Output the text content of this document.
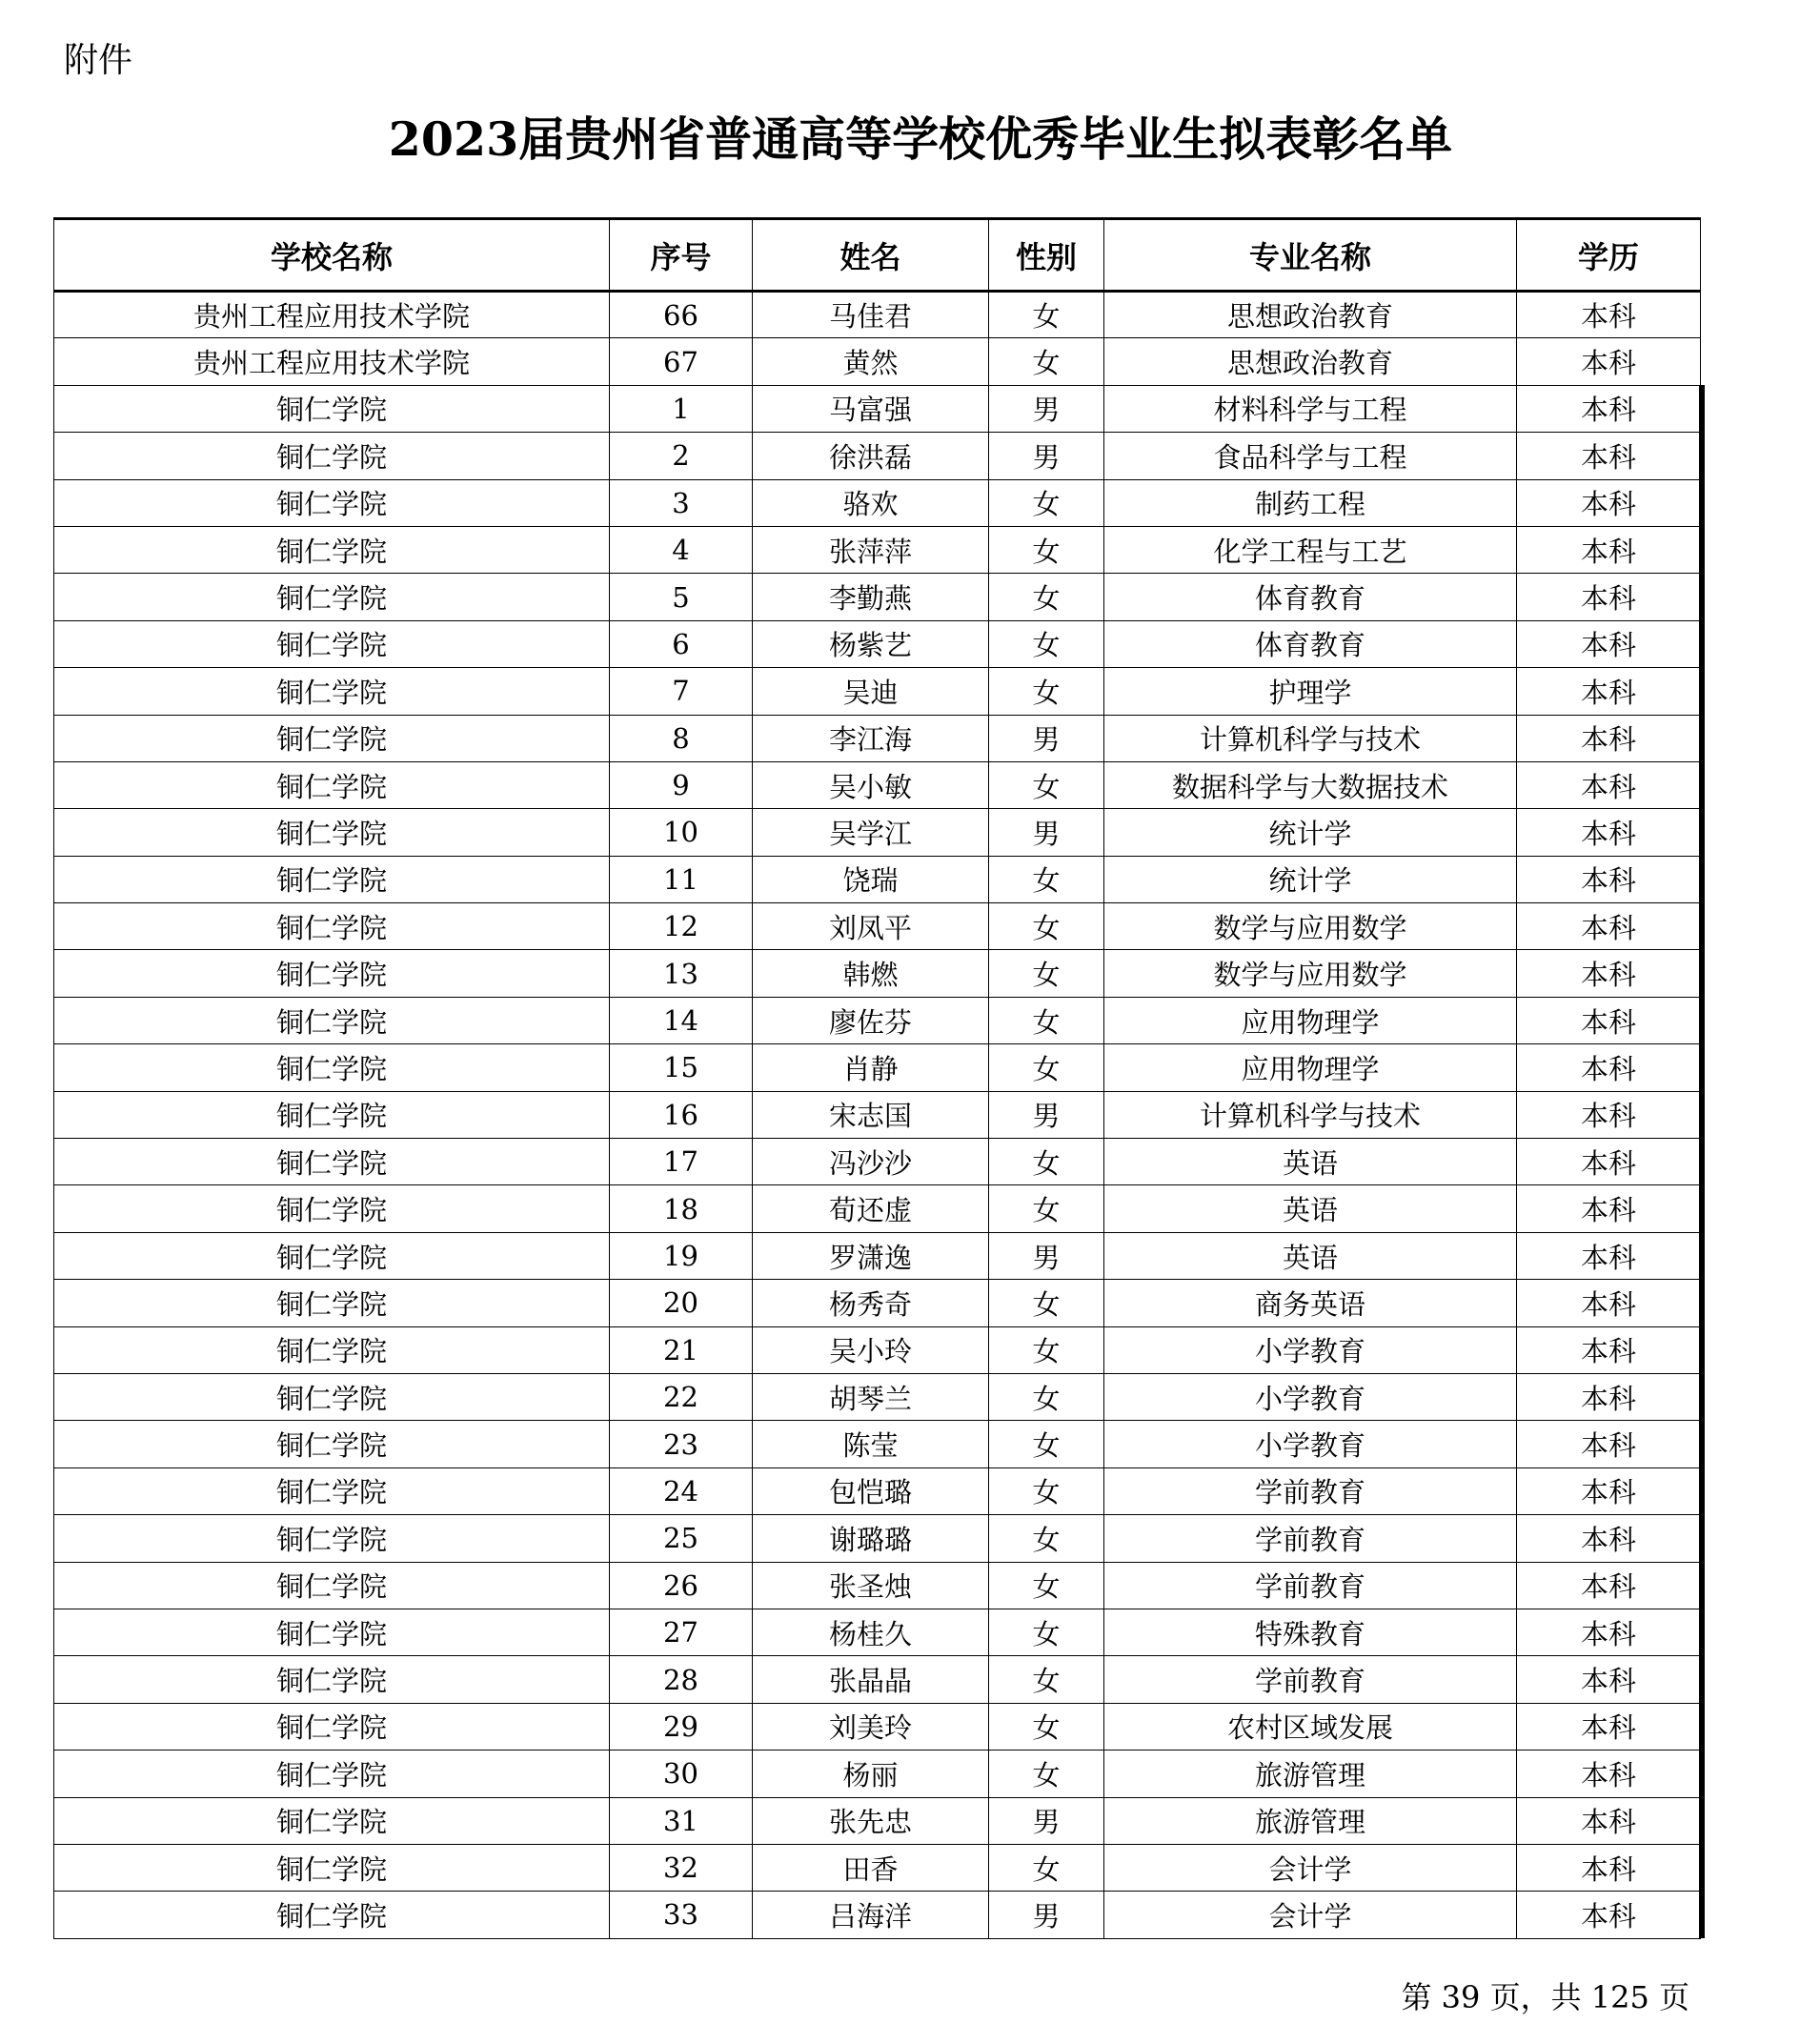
附件
2023届贵州省普通高等学校优秀毕业生拟表彰名单
学校名称	序号	姓名	性别	专业名称	学历
贵州工程应用技术学院	66	马佳君	女	思想政治教育	本科
贵州工程应用技术学院	67	黄然	女	思想政治教育	本科
铜仁学院	1	马富强	男	材料科学与工程	本科
铜仁学院	2	徐洪磊	男	食品科学与工程	本科
铜仁学院	3	骆欢	女	制药工程	本科
铜仁学院	4	张萍萍	女	化学工程与工艺	本科
铜仁学院	5	李勤燕	女	体育教育	本科
铜仁学院	6	杨紫艺	女	体育教育	本科
铜仁学院	7	吴迪	女	护理学	本科
铜仁学院	8	李江海	男	计算机科学与技术	本科
铜仁学院	9	吴小敏	女	数据科学与大数据技术	本科
铜仁学院	10	吴学江	男	统计学	本科
铜仁学院	11	饶瑞	女	统计学	本科
铜仁学院	12	刘凤平	女	数学与应用数学	本科
铜仁学院	13	韩燃	女	数学与应用数学	本科
铜仁学院	14	廖佐芬	女	应用物理学	本科
铜仁学院	15	肖静	女	应用物理学	本科
铜仁学院	16	宋志国	男	计算机科学与技术	本科
铜仁学院	17	冯沙沙	女	英语	本科
铜仁学院	18	荀还虚	女	英语	本科
铜仁学院	19	罗潇逸	男	英语	本科
铜仁学院	20	杨秀奇	女	商务英语	本科
铜仁学院	21	吴小玲	女	小学教育	本科
铜仁学院	22	胡琴兰	女	小学教育	本科
铜仁学院	23	陈莹	女	小学教育	本科
铜仁学院	24	包恺璐	女	学前教育	本科
铜仁学院	25	谢璐璐	女	学前教育	本科
铜仁学院	26	张圣烛	女	学前教育	本科
铜仁学院	27	杨桂久	女	特殊教育	本科
铜仁学院	28	张晶晶	女	学前教育	本科
铜仁学院	29	刘美玲	女	农村区域发展	本科
铜仁学院	30	杨丽	女	旅游管理	本科
铜仁学院	31	张先忠	男	旅游管理	本科
铜仁学院	32	田香	女	会计学	本科
铜仁学院	33	吕海洋	男	会计学	本科
第 39 页，共 125 页
